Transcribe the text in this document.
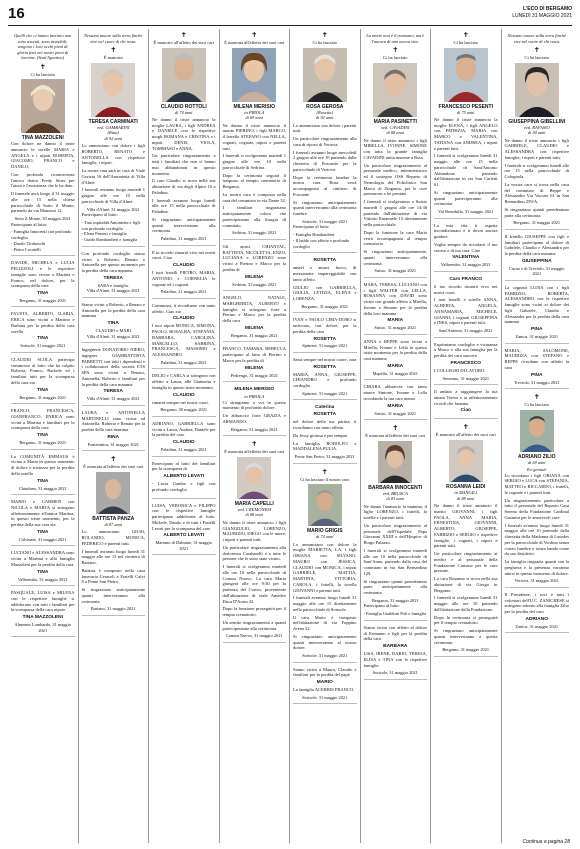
16	L'ECO DI BERGAMO
LUNEDÌ 31 MAGGIO 2021
Quelli che ci hanno lasciato non sono assenti, sono invisibili; tengono i loro occhi pieni di gloria fissi nei nostri pieni di lacrime. (Sant'Agostino)
✝
Ci ha lasciato
TINA MAZZOLENI
Con dolore ne danno il triste annuncio le sorelle MARIA e ANGELA e i nipoti ROBERTA, GIACOMO, FRANCO e DANILO.
Con profonda riconoscenza l'amico dottor Fredy Sitter per l'aiuto e l'assistenza che le ha dato.
Il funerale avrà luogo il 31 maggio alle ore 15 nella chiesa parrocchiale di Sotto il Monte, partendo da via Manzoni 12.
Sotto il Monte, 30 maggio 2021
Partecipano al lutto:
- Famiglia Innocenti con profondo cordoglio
- Danilo Tiraboschi
- Pietro Locatelli
DAVIDE, MICHELA e LUCIA PELIZZOLI e le rispettive famiglie sono vicine a Martina e Franco, nel dolore, per la scomparsa della cara
TINA
Bergamo, 31 maggio 2021
FAUSTA, ALBERTO, ILARIA, ERICA sono vicini a Martino e Barbara per la perdita della cara sorella
TINA
Sorisole, 31 maggio 2021
CLAUDIO SCOLA partecipa commosso al lutto che ha colpito Roberta, Franco, Rachele ed i familiari tutti per la scomparsa della cara zia
TINA
Bergamo, 31 maggio 2021
FRANCO, FRANCESCA, GIANFRANCO, ENRICA sono vicini a Martina e familiari per la scomparsa della cara
TINA
Bergamo, 31 maggio 2021
La COMUNITÀ EMMAUS è vicina a Maria in questo momento di dolore e tristezza per la perdita della sorella
TINA
Chiuduno, 31 maggio 2021
MARIO e CARMEN con NICOLA e MARTA si stringono affettuosamente all'amica Martina, in questo triste momento, per la perdita della sua cara zia
TINA
Calcinate, 31 maggio 2021
LUCIANO e ALESSANDRA sono vicini a Martina e alla famiglia Mazzoleni per la perdita della cara
TINA
Valbrembo, 31 maggio 2021
PASQUALE, LUISA e MILENA con le rispettive famiglie si addolorano con tutti i familiari per la scomparsa della cara nipote
TINA MAZZOLENI
Almenno Lombardo, 31 maggio 2021
Nessuno muore sulla terra finché vive nel cuore di chi resta.
✝
È mancata
TERESA CARMINATI
ved. GAMBARINI
(Rina)
di 92 anni
Lo annunciano con dolore i figli ROBERTO, RENATO e ANTONELLA con rispettive famiglie, i nipoti.
La nostra cara sarà in casa di Viale Gorizia 16 dell'Antonietta di Villa d'Almè.
I funerali avranno luogo martedì 1 giugno alle ore 10 nella parrocchiale di Villa d'Almè.
Villa d'Almè, 31 maggio 2021
Partecipano al lutto:
- Tina ospitalità Antonietta e figli con profondo cordoglio
- Elena Pesenti e famiglia
- Guido Bombardieri e famiglia
Con profondo cordoglio siamo vicini a Roberto, Renato e Antonella per questo momento per la perdita della cara mamma
TERESA
SARA e famiglia.
Villa d'Almè, 31 maggio 2021
Siamo vicini a Roberto, a Renato e Antonella per la perdita della cara mamma
TINA
CLAUDIO e MARI
Villa d'Almè, 31 maggio 2021
Ingegnerie DONATORIO NIERO, ingegner GIAMBATTISTA PARRETTI con tutti i dipendenti e i collaboratori della società ETS SPA sono vicini a Renato, Antonella, Roberto e familiari per la perdita della cara mamma
TERESA
Villa d'Almè, 31 maggio 2021
LAURA e ANTONELLA MARTINELLI sono vicine ad Antonella, Roberto e Renato per la perdita della cara mamma
RINA
Ponteranica, 31 maggio 2021
✝
È mancata all'affetto dei suoi cari
BATTISTA PANZA
di 87 anni
Lo annunciano GIUSI, ROLANDO, MONICA, FEDERICO e parenti tutti.
I funerali avranno luogo lunedì 31 maggio alle ore 15 nel cimitero di Bariano.
Battista è composto nella casa funeraria Cerasoli a Fratelli Calvi 8 a Ponte San Pietro.
Si ringraziano anticipatamente quanti interverranno alla cerimonia.
Bariano, 31 maggio 2021
✝
È mancato all'affetto dei suoi cari
CLAUDIO ROTTOLI
di 74 anni
Ne danno il triste annuncio la moglie LAURA, i figli ANDREA e DANIELE con le rispettive mogli ROMANA e CRISTINA e i nipoti DENIS, VIOLA, TOMMASO e ANNA.
Un particolare ringraziamento a tutti i familiari che non ci hanno mai abbandonati in questo momento.
Il caro Claudio si trova nella sua abitazione di via degli Alpini 10 a Paladina.
I funerali avranno luogo lunedì alle ore 15 nella parrocchiale di Paladina.
Si ringraziano anticipatamente quanti interverranno alla cerimonia.
Paladina, 31 maggio 2021
E tu ricordo rimarrà vivo nei nostri cuori. Ciao
CLAUDIO
I tuoi fratelli PIETRO, MARIA, ANTONIO e CORNELIA le cognate ed i cognati.
Paladina, 31 maggio 2021
Commossi, ti ricordiamo con tanto affetto. Ciao zio
CLAUDIO
I tuoi nipoti MONICA, SIMONA, PAOLO, ROSALBA, STEFANIA, BARBARA, CAROLINA, MARCELLO, SABRINA, FRANCESCA, MASSIMO e ALESSANDRO.
Paladina, 31 maggio 2021
DELIO e CARLA si stringono con affetto a Laura, alle Giannetta e famiglia in questo triste momento.
CLAUDIO
rimarrà sempre nei nostri cuori.
Bergamo, 30 maggio 2021
ADRIANO, GABRIELLA sono vicini a Laura, Andrea, Daniele per la perdita del caro
CLAUDIO
Paladina, 31 maggio 2021
Partecipano al lutto dei familiari per la scomparsa di
ALBERTO LEVATI
- Lucia Gambo e figli con profondo cordoglio
LUISA, VERONICA e FILIPPO con le rispettive famiglie partecipano addolorate al lutto. Michele, Danilo e di tutti i Fratelli Levati per la scomparsa del caro
ALBERTO LEVATI
Mariano di Dalmine, 31 maggio 2021
✝
È mancata all'affetto dei suoi cari
MILENA MERISIO
in PIROLA
di 69 anni
Ne danno il triste annuncio il marito PIERINO, i figli MARCO, il fratello STEFANO con NELLA, cognati, cognate, nipoti e parenti tutti.
I funerali si svolgeranno martedì 1 giugno alle ore 10 nella parrocchiale di Sedrina.
Dopo la cerimonia seguirà il trasporto al tempio crematorio di Bergamo.
La nostra cara è composta nella casa del commiato in via Dante 32.
I familiari ringraziano anticipatamente coloro che parteciperanno alla liturgia di commiato.
Sedrina, 31 maggio 2021
Gli amici CHIANTAL, BATTISTA, NICOLETTA, ENZO, LUCIANA e LORENZO sono vicini a Pierino e Marco per la perdita di
MILENA
Sedrina, 31 maggio 2021
ANGELO, NATALE, MARGHERITA, ALBERTO e famiglie si stringono forte a Pierino e Marco per la perdita della cara
MILENA
Bergamo, 31 maggio 2021
FRANCO, TAMARA, REBECCA partecipano al lutto di Pierino e Marco per la perdita di
MILENA
Pedrengo, 31 maggio 2021
MILENA MERISIO
in PIROLA
Ci stringiamo a voi in questo momento di profondo dolore.
Un abbraccio forte GRAZIA e ARMANDO.
Bergamo, 31 maggio 2021
✝
È mancata all'affetto dei suoi cari
MARIA CAPELLI
ved. CREMONESI
di 88 anni
Ne danno il triste annuncio i figli GIANGIULIO, LORENZO, MAURIZIO, DIEGO con le nuore, i nipoti e parenti tutti.
Un particolare ringraziamento alla dottoressa Carabarelli e a tutte le persone che le sono state vicino.
I funerali si svolgeranno martedì alle ore 10 nella parrocchiale di Comun Nuovo. La cara Maria giungerà alle ore 9:30 per la partenza del Corteo, proveniente dall'abitazione di viale Amedeo Duca D'Aosta 42.
Dopo la funzione proseguirà per il tempio crematorio.
Un sentito ringraziamento a quanti parteciperanno alla cerimonia.
Comun Nuovo, 31 maggio 2021
✝
Ci ha lasciato
ROSA GEROSA
(Rosetta)
di 92 anni
Lo annunciano con dolore i parenti tutti.
Un particolare ringraziamento alla casa di riposo di Vertova.
I funerali avranno luogo mercoledì 2 giugno alle ore 10 partendo dalla chiesetta di Poscante per la parrocchiale di Vertova.
Dopo la cerimonia funebre la nostra cara Rosa verrà accompagnata al cimitero di Poscante.
Si ringraziano anticipatamente quanti interverranno alla cerimonia funebre.
Sorisole, 31 maggio 2021
Partecipano al lutto:
- Famiglia Bombardieri
- Il baldo con affetto e profondo cordoglio
ROSETTA
amavi e amavi fuoco, di mezzanotte impareggiabile con tanto affetto.
GIULIO con GABRIELLA, GIULIA, LETIZIA, ELENA e LORENZA.
Bergamo, 31 maggio 2021
IVAN e PAOLO CIMA-DORO si uniscono, con dolore, per la perdita della cara
ROSETTA
Spinone, 31 maggio 2021
Sarai sempre nel nostro cuore, cara
ROSETTA
MARIA, ANNA, GIUSEPPE, CHIANDRO e profondo cordoglio.
Spinone, 31 maggio 2021
Caterina
ROSETTA
nel dolore della tua partita, ti ricordiamo con tanto affetto.
Da Jessy gioiosa e per sempre.
La famiglia RODOLFO e MADDALENA PULIA.
Ponte San Pietro, 31 maggio 2021
✝
Ci ha lasciato il nostro caro
MARIO GRIGIS
di 74 anni
Lo annunciano con dolore la moglie MARIETTA, LA, i figli ORIANA con SILVANO, MAURO con JESSICA, CLAUDIO con MONICA, i nipoti GABRIELE, MATTIA, MARTINA, VITTORIA, CAROLA, i fratelli, la sorella GIOVANNI e parenti tutti.
I funerali avranno luogo lunedì 31 maggio alle ore 15 direttamente nella parrocchiale di Sorisole.
Il caro Mario è composto nell'abitazione di via Foppino Arena 22.
Si ringraziano anticipatamente quanti interverranno al nostro dolore.
Sorisole, 31 maggio 2021
Siamo vicini a Mauro, Claudio e familiari per la perdita del papà
MARIO
La famiglia ACERBIS FRANCO.
Sorisole, 31 maggio 2021
La morte non è il tramonto, ma è l'aurora di una nuova vita.
✝
Ci ha lasciato
MARIA PASINETTI
ved. CAVADINI
di 88 anni
Ne danno il triste annuncio i figli MIRELLA, IVONNE, SIMONE con tutta la grande famiglia CAVADINI unita insieme a Rota.
Un particolare ringraziamento al personale medico, infermieristico ed il sostegno OSS Reparto di Neurologia del Policlinico San Marco di Zingonia, per le cure premurose a lei prestate.
I funerali si svolgeranno a Suisio martedì 1 giugno alle ore 14:30 partendo dall'abitazione di via Vittorio Emanuele 15 direttamente nella parrocchiale.
Dopo la funzione la cara Maria verrà accompagnata al tempio crematorio.
Si ringraziano anticipatamente, quanti interverranno alla cerimonia.
Suisio, 31 maggio 2021
MARA, TERESA, LUCIANO con i figli WALTER con LELLA, ROSANNA con DAVID sono vicini con grande affetto a Mirella, Ivonne e Simone per la perdita della loro mamma
MARIA
Suisio, 31 maggio 2021
ANNA e BEPPE sono vicini a Mirella, Ivonne e Lella in questo triste momento per la perdita della cara mamma
MARIA
Mapello, 31 maggio 2021
CHIARA abbraccia con tanto amore Simone, Ivonne e Lella ricordando la tua cara nonna
MARIA
Suisio, 31 maggio 2021
✝
È mancata all'affetto dei suoi cari
BARBARA INNOCENTI
ved. BRUSCA
di 83 anni
Ne danno l'annuncio la mamma, il figlio LORENZO, i fratelli, la sorella e i parenti tutti.
Un particolare ringraziamento al personale dell'Ospedale Papa Giovanni XXIII e dell'Hospice di Borgo Palazzo.
I funerali si svolgeranno martedì alle ore 10 nella parrocchiale di Sant'Anna, partendo dalla casa del commiato in via San Bernardino 129.
Si ringraziano quanti prenderanno parte anticipatamente alla cerimonia.
Bergamo, 31 maggio 2021
Partecipano al lutto:
- Famiglia Gualdoni Poli e famiglia
Siamo vicini con affetto al dolore di Ermanno e figli per la perdita della cara
BARBARA
LISA, IRENE, DARIO, TERESA, ELISA e TINA con le rispettive famiglie.
Sorisole, 31 maggio 2021
✝
Ci ha lasciato
FRANCESCO PESENTI
di 75 anni
Ne danno il triste annuncio la moglie ELENA, i figli ANGELO con PATRIZIA, MARIA con MARCO e VALENTINA, TATIANA con ANDREA, i nipoti e parenti tutti.
I funerali si svolgeranno lunedì 31 maggio alle ore 15 nella parrocchiale di Sant'Antonio Abbandono partendo dall'abitazione in via San Carletti 61.
Si ringraziano anticipatamente quanti parteciperanno alla cerimonia.
Val Brembilla, 31 maggio 2021
La mia vita ti aspetta incondizionato e ti dovrà ancora guidare.
Voglia sempre da ricordarti il tuo sorriso e di tua cara. Ciao
VALENTINA
Valbrembo, 31 maggio 2021
Caro FRANCO
il tuo ricordo rimarrà vivo nei nostri cuori.
I tuoi fratelli e sorelle ANNA, ALBERTA, ANGELA, ANNAMARIA, MICHELE, GIANNI, i cognati GIUSEPPINA e INES, nipoti e parenti tutti.
Sant'Antonio, 31 maggio 2021
Esprimiamo cordoglio e vicinanza a Marco e alla sua famiglia per la perdita del caro suocero
FRANCESCO
I COLLEGHI DI LAVORO.
Stezzano, 31 maggio 2021
Il andato a raggiungere la tua amata Teresa e ai affettuosamente ricordi che faranno.
Ciao
✝
È mancata all'affetto dei suoi cari
ROSANNA LEIDI
in MANGILI
di 88 anni
Ne danno il triste annuncio il marito GIOVANNI, i figli PAOLA, ANNA MARIA, ERNESTINA, GIOVANNI, ALBERTO, GIUSEPPE, FABRIZIO e SERGIO e rispettive famiglie, i cognati, i nipoti e parenti tutti.
Un particolare ringraziamento ai medici e al personale della Fondazione Carisma per le cure prestate.
La cara Rosanna si trova nella sua abitazione di via Giorgo in Bergamo.
I funerali si svolgeranno lunedì 31 maggio alle ore 10 partendo dall'abitazione della Fondazione.
Dopo la cerimonia si proseguirà per il tempio crematorio.
Si ringraziano anticipatamente quanti interverranno a questa cerimonia.
Bergamo, 31 maggio 2021
Nessuno muore sulla terra finché vive nel cuore di chi resta.
✝
Ci ha lasciato
GIUSEPPINA GIBELLINI
ved. RAVASIO
di 94 anni
Ne danno il triste annuncio i figli GABRIELE, CLAUDIO e ALESSANDRA con rispettive famiglie, i nipoti e parenti tutti.
I funerali si svolgeranno lunedì alle ore 15 nella parrocchiale di Colognola.
La nostra cara si trova nella casa del commiato di Beppe e Alessandro Via Vaccari 61 in San Bernardino 259/A.
Si ringraziano quanti prenderanno parte alla cerimonia.
Bergamo, 31 maggio 2021
Il fratello GIUSEPPE con figli e familiari partecipano al dolore di Gabriele, Claudio e Alessandra per la perdita della cara mamma
GIUSEPPINA
Curno e di Treviolo, 31 maggio 2021
La cognata LUISA con i figli FABRIZIO, ROBERTA, ALESSANDRO con le rispettive famiglie sono vicini ai dolore dei figli Gabriele, Claudio e Alessandra per la perdita della cara mamma
PINA
Zanica, 31 maggio 2021
MARIA, SALOMONE, MAURIZIA con STEFANO e BEPPE ricordano con affetto la cara
PINA
Treviolo, 31 maggio 2021
✝
Ci ha lasciato
ADRIANO ZILIO
di 69 anni
Ex-geniale
Lo ricordano i figli ORIANA con SERGIO e LUCA con STEFANIA, MATTEO e RICCARDO, i fratelli, le cognate e i parenti tutti.
Un ringraziamento particolare a tutto il personale del Reparto Casa Serena della Fondazione Cardinal Gusmini per le amorevoli cure.
I funerali avranno luogo lunedì 31 maggio alle ore 10 partendo dalla chiesetta della Madonna di Lourdes per la parrocchiale di Verdino senza corteo funebre e senza banda come da suo desiderio.
La famiglia ringrazia quanti con la preghiera e la presenza vorranno unirsi in questo momento di dolore.
Vertova, 31 maggio 2021
Il Presidente, i soci e tutti i volontari dell'U.C. ZANICHESE si stringono attorno alla famiglia Zilio per la perdita del caro
ADRIANO
Zanica, 31 maggio 2021
Continua a pagina 28
